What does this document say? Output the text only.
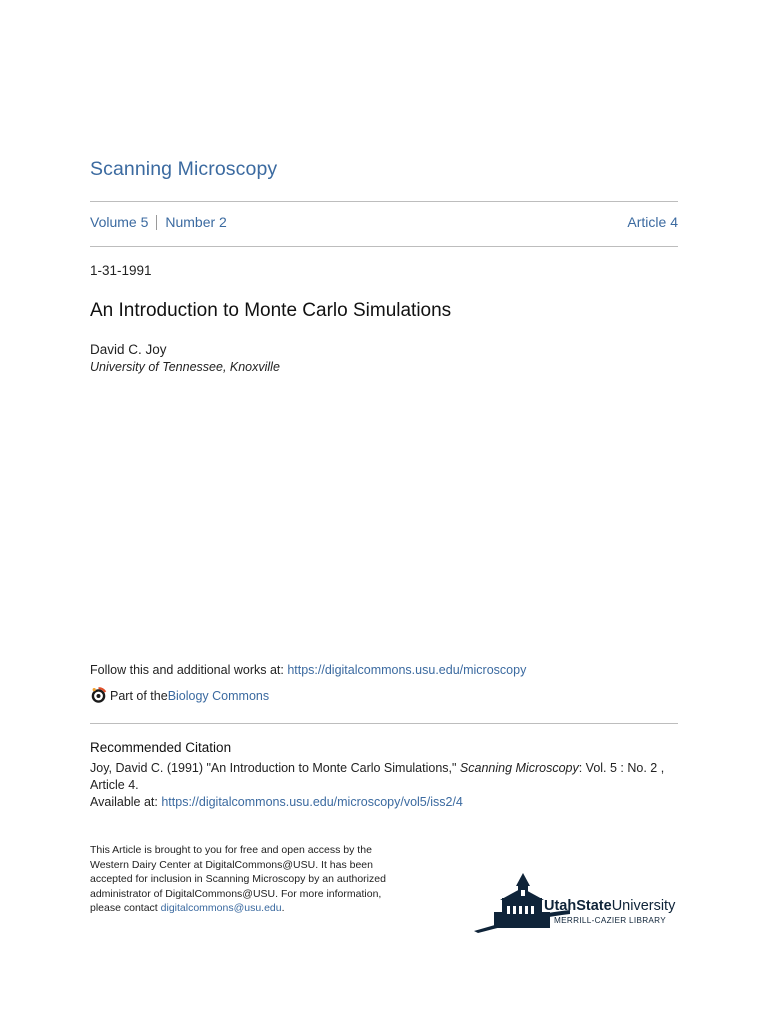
Scanning Microscopy
Volume 5 Number 2	Article 4
1-31-1991
An Introduction to Monte Carlo Simulations
David C. Joy
University of Tennessee, Knoxville
Follow this and additional works at: https://digitalcommons.usu.edu/microscopy
Part of the Biology Commons
Recommended Citation
Joy, David C. (1991) "An Introduction to Monte Carlo Simulations," Scanning Microscopy: Vol. 5 : No. 2 , Article 4.
Available at: https://digitalcommons.usu.edu/microscopy/vol5/iss2/4
This Article is brought to you for free and open access by the Western Dairy Center at DigitalCommons@USU. It has been accepted for inclusion in Scanning Microscopy by an authorized administrator of DigitalCommons@USU. For more information, please contact digitalcommons@usu.edu.	UtahStateUniversity
MERRILL-CAZIER LIBRARY
